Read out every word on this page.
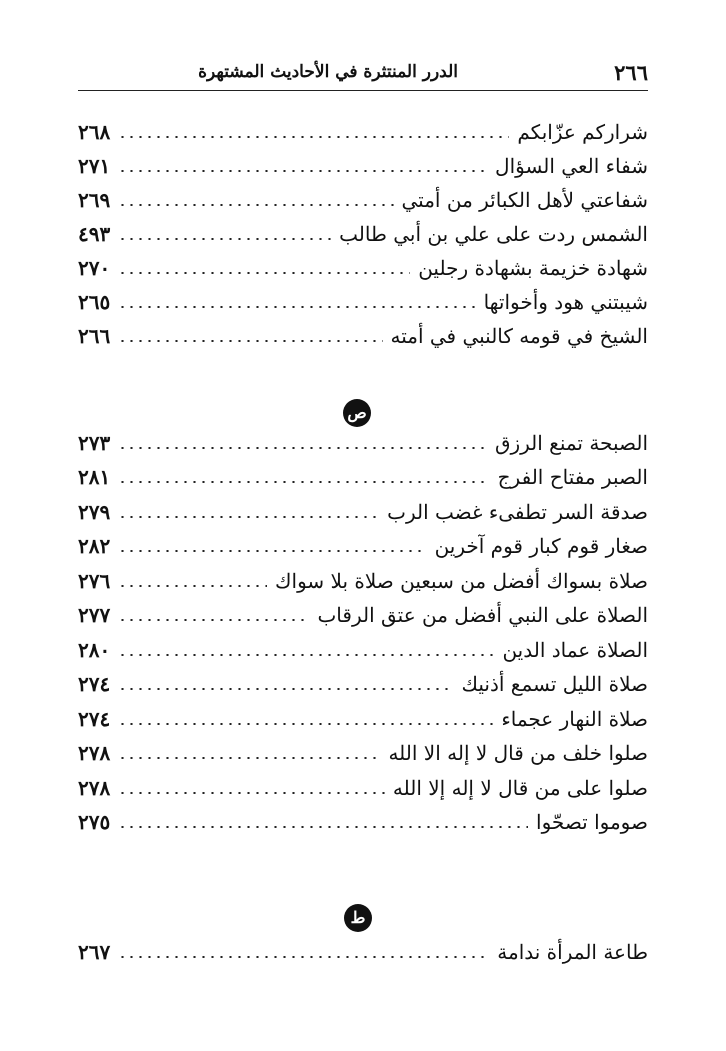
٢٦٦
الدرر المنتثرة في الأحاديث المشتهرة
شراركم عزّابكم
٢٦٨
شفاء العي السؤال
٢٧١
شفاعتي لأهل الكبائر من أمتي
٢٦٩
الشمس ردت على علي بن أبي طالب
٤٩٣
شهادة خزيمة بشهادة رجلين
٢٧٠
شيبتني هود وأخواتها
٢٦٥
الشيخ في قومه كالنبي في أمته
٢٦٦
ص
الصبحة تمنع الرزق
٢٧٣
الصبر مفتاح الفرج
٢٨١
صدقة السر تطفىء غضب الرب
٢٧٩
صغار قوم كبار قوم آخرين
٢٨٢
صلاة بسواك أفضل من سبعين صلاة بلا سواك
٢٧٦
الصلاة على النبي أفضل من عتق الرقاب
٢٧٧
الصلاة عماد الدين
٢٨٠
صلاة الليل تسمع أذنيك
٢٧٤
صلاة النهار عجماء
٢٧٤
صلوا خلف من قال لا إله الا الله
٢٧٨
صلوا على من قال لا إله إلا الله
٢٧٨
صوموا تصحّوا
٢٧٥
ط
طاعة المرأة ندامة
٢٦٧
